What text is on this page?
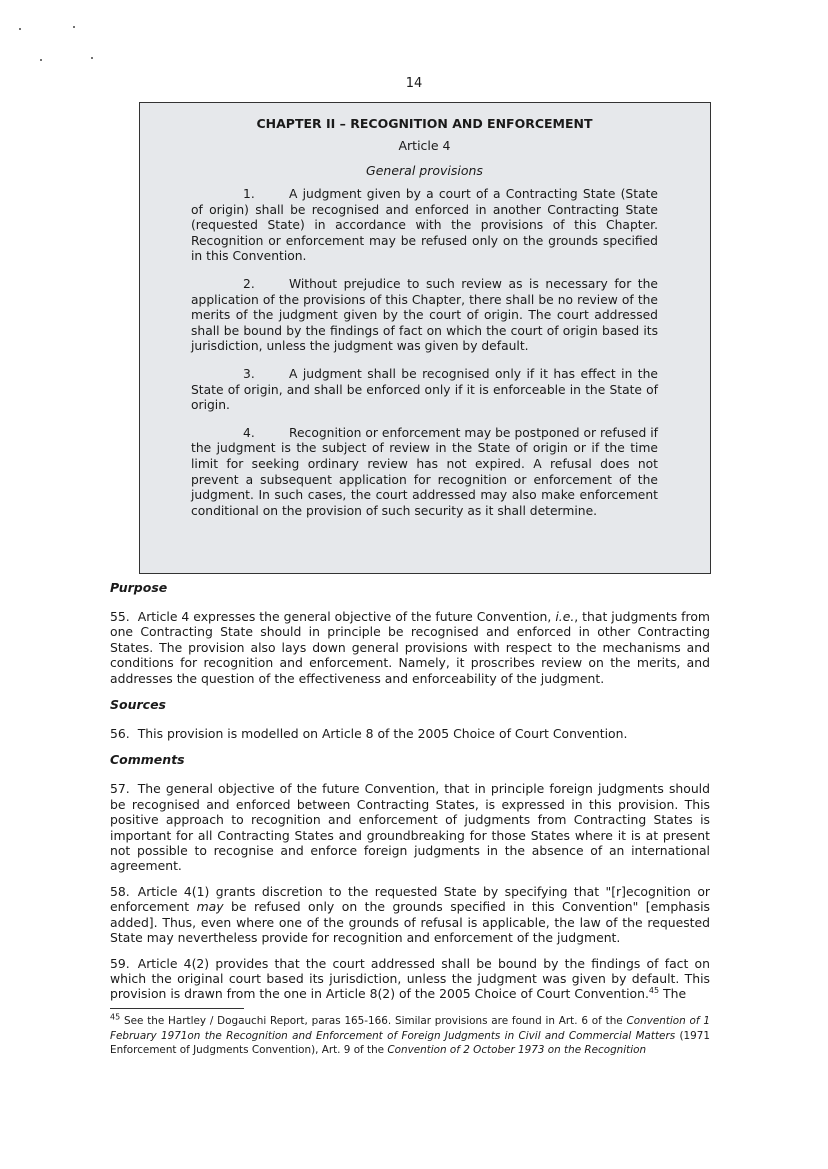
14

CHAPTER II – RECOGNITION AND ENFORCEMENT

Article 4

General provisions

1.	A judgment given by a court of a Contracting State (State of origin) shall be recognised and enforced in another Contracting State (requested State) in accordance with the provisions of this Chapter. Recognition or enforcement may be refused only on the grounds specified in this Convention.

2.	Without prejudice to such review as is necessary for the application of the provisions of this Chapter, there shall be no review of the merits of the judgment given by the court of origin. The court addressed shall be bound by the findings of fact on which the court of origin based its jurisdiction, unless the judgment was given by default.

3.	A judgment shall be recognised only if it has effect in the State of origin, and shall be enforced only if it is enforceable in the State of origin.

4.	Recognition or enforcement may be postponed or refused if the judgment is the subject of review in the State of origin or if the time limit for seeking ordinary review has not expired. A refusal does not prevent a subsequent application for recognition or enforcement of the judgment. In such cases, the court addressed may also make enforcement conditional on the provision of such security as it shall determine.

Purpose

55. Article 4 expresses the general objective of the future Convention, i.e., that judgments from one Contracting State should in principle be recognised and enforced in other Contracting States. The provision also lays down general provisions with respect to the mechanisms and conditions for recognition and enforcement. Namely, it proscribes review on the merits, and addresses the question of the effectiveness and enforceability of the judgment.

Sources

56. This provision is modelled on Article 8 of the 2005 Choice of Court Convention.

Comments

57. The general objective of the future Convention, that in principle foreign judgments should be recognised and enforced between Contracting States, is expressed in this provision. This positive approach to recognition and enforcement of judgments from Contracting States is important for all Contracting States and groundbreaking for those States where it is at present not possible to recognise and enforce foreign judgments in the absence of an international agreement.

58. Article 4(1) grants discretion to the requested State by specifying that "[r]ecognition or enforcement may be refused only on the grounds specified in this Convention" [emphasis added]. Thus, even where one of the grounds of refusal is applicable, the law of the requested State may nevertheless provide for recognition and enforcement of the judgment.

59. Article 4(2) provides that the court addressed shall be bound by the findings of fact on which the original court based its jurisdiction, unless the judgment was given by default. This provision is drawn from the one in Article 8(2) of the 2005 Choice of Court Convention.$^{45}$ The

$^{45}$ See the Hartley / Dogauchi Report, paras 165-166. Similar provisions are found in Art. 6 of the Convention of 1 February 1971on the Recognition and Enforcement of Foreign Judgments in Civil and Commercial Matters (1971 Enforcement of Judgments Convention), Art. 9 of the Convention of 2 October 1973 on the Recognition
